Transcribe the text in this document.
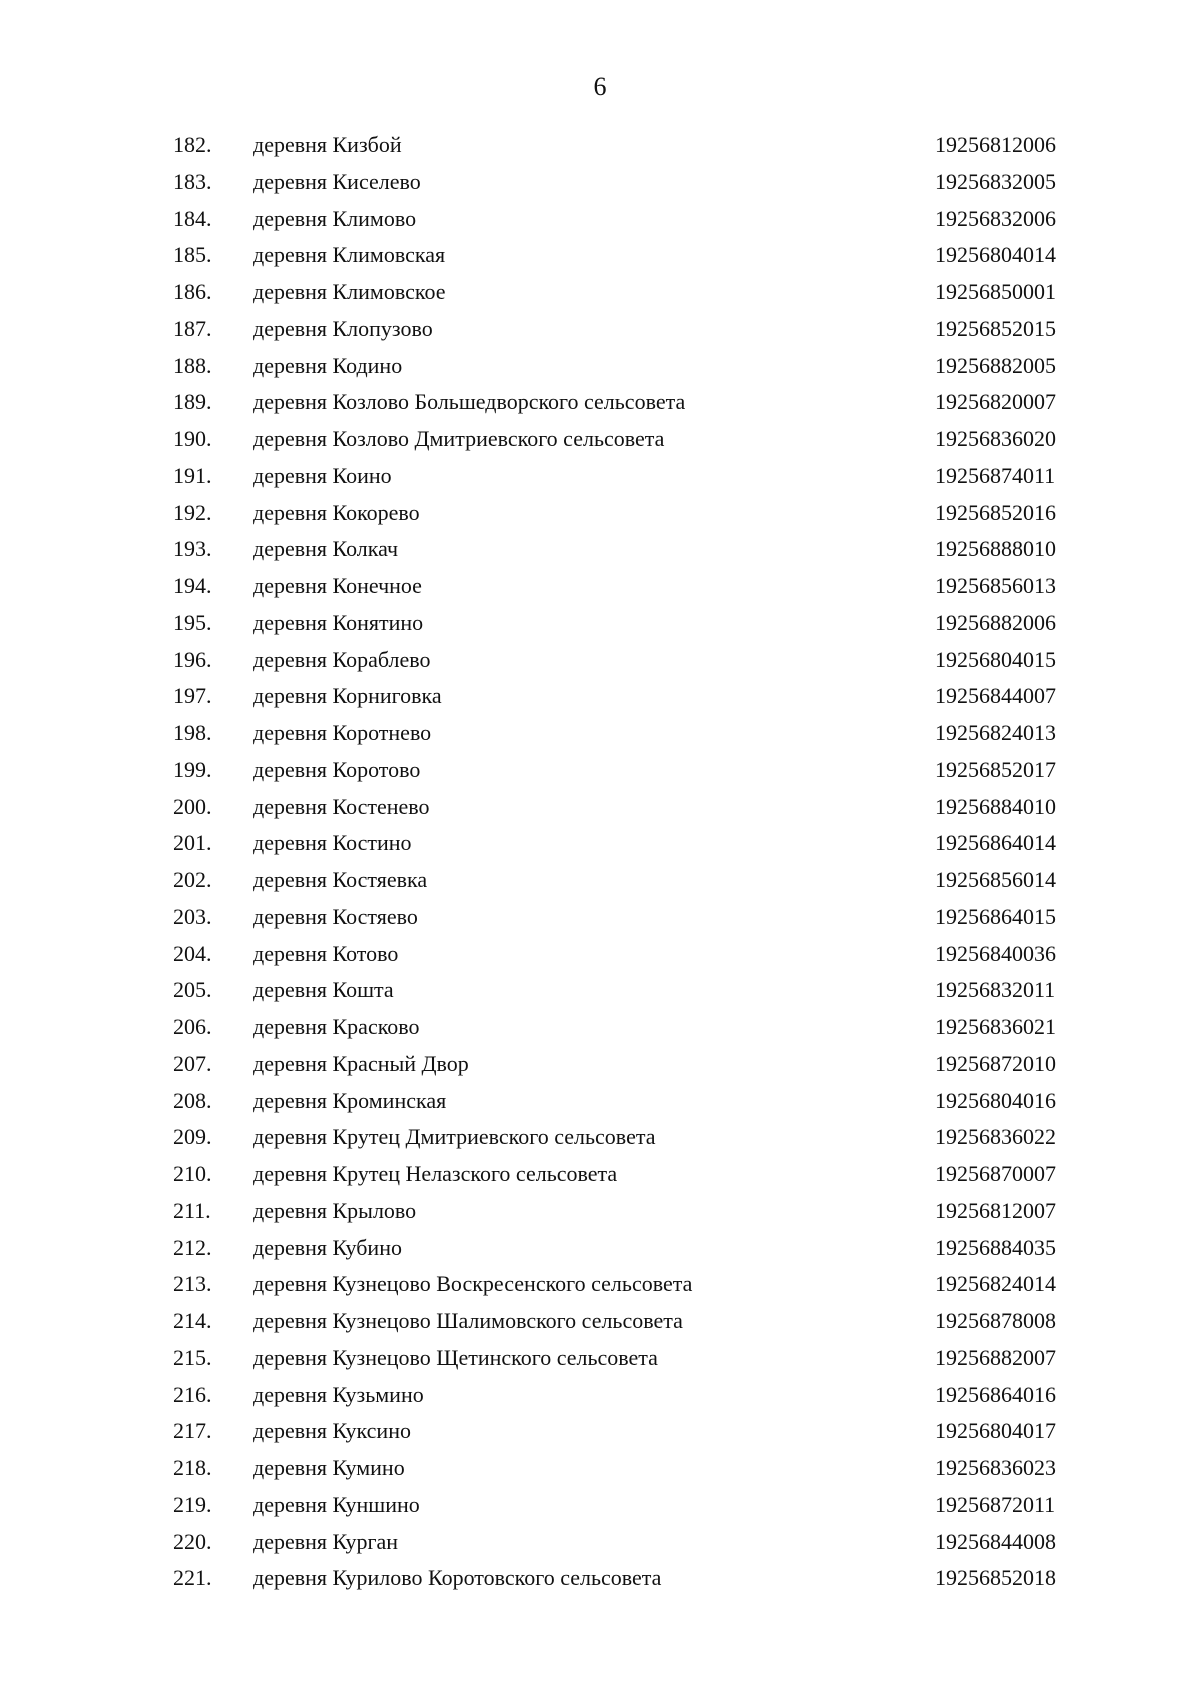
6
182.	деревня Кизбой	19256812006
183.	деревня Киселево	19256832005
184.	деревня Климово	19256832006
185.	деревня Климовская	19256804014
186.	деревня Климовское	19256850001
187.	деревня Клопузово	19256852015
188.	деревня Кодино	19256882005
189.	деревня Козлово Большедворского сельсовета	19256820007
190.	деревня Козлово Дмитриевского сельсовета	19256836020
191.	деревня Коино	19256874011
192.	деревня Кокорево	19256852016
193.	деревня Колкач	19256888010
194.	деревня Конечное	19256856013
195.	деревня Конятино	19256882006
196.	деревня Кораблево	19256804015
197.	деревня Корниговка	19256844007
198.	деревня Коротнево	19256824013
199.	деревня Коротово	19256852017
200.	деревня Костенево	19256884010
201.	деревня Костино	19256864014
202.	деревня Костяевка	19256856014
203.	деревня Костяево	19256864015
204.	деревня Котово	19256840036
205.	деревня Кошта	19256832011
206.	деревня Красково	19256836021
207.	деревня Красный Двор	19256872010
208.	деревня Кроминская	19256804016
209.	деревня Крутец Дмитриевского сельсовета	19256836022
210.	деревня Крутец Нелазского сельсовета	19256870007
211.	деревня Крылово	19256812007
212.	деревня Кубино	19256884035
213.	деревня Кузнецово Воскресенского сельсовета	19256824014
214.	деревня Кузнецово Шалимовского сельсовета	19256878008
215.	деревня Кузнецово Щетинского сельсовета	19256882007
216.	деревня Кузьмино	19256864016
217.	деревня Куксино	19256804017
218.	деревня Кумино	19256836023
219.	деревня Куншино	19256872011
220.	деревня Курган	19256844008
221.	деревня Курилово Коротовского сельсовета	19256852018
